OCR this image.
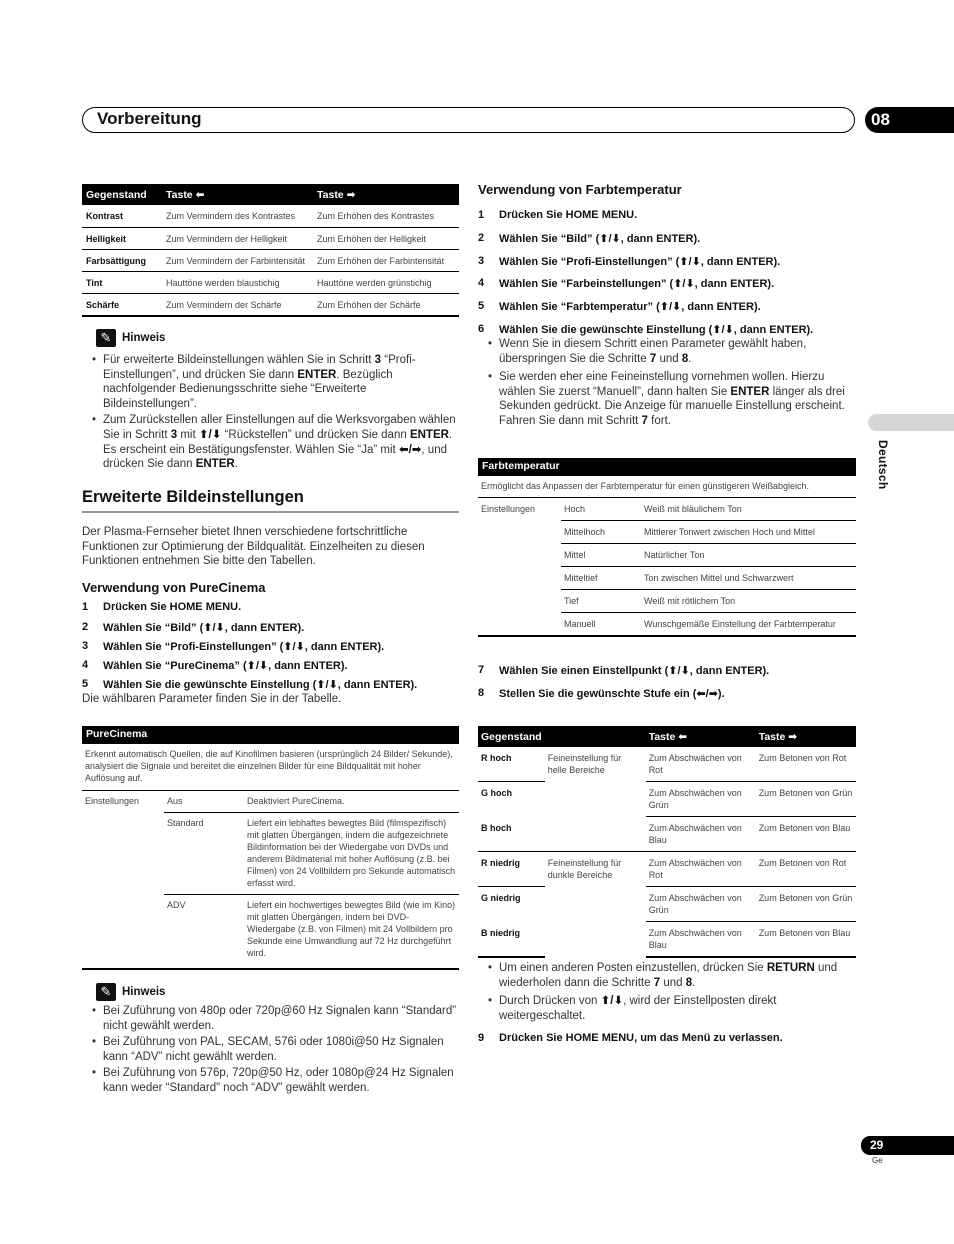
Vorbereitung	08
Deutsch
Gegenstand	Taste ⬅	Taste ➡
Kontrast	Zum Vermindern des Kontrastes	Zum Erhöhen des Kontrastes
Helligkeit	Zum Vermindern der Helligkeit	Zum Erhöhen der Helligkeit
Farbsättigung	Zum Vermindern der Farbintensität	Zum Erhöhen der Farbintensität
Tint	Hauttöne werden blaustichig	Hauttöne werden grünstichig
Schärfe	Zum Vermindern der Schärfe	Zum Erhöhen der Schärfe
✎ Hinweis
• Für erweiterte Bildeinstellungen wählen Sie in Schritt 3 “Profi-Einstellungen”, und drücken Sie dann ENTER. Bezüglich nachfolgender Bedienungsschritte siehe “Erweiterte Bildeinstellungen”.
• Zum Zurückstellen aller Einstellungen auf die Werksvorgaben wählen Sie in Schritt 3 mit ⬆/⬇ “Rückstellen” und drücken Sie dann ENTER. Es erscheint ein Bestätigungsfenster. Wählen Sie “Ja” mit ⬅/➡, und drücken Sie dann ENTER.
Erweiterte Bildeinstellungen
Der Plasma-Fernseher bietet Ihnen verschiedene fortschrittliche Funktionen zur Optimierung der Bildqualität. Einzelheiten zu diesen Funktionen entnehmen Sie bitte den Tabellen.
Verwendung von PureCinema
1	Drücken Sie HOME MENU.
2	Wählen Sie “Bild” (⬆/⬇, dann ENTER).
3	Wählen Sie “Profi-Einstellungen” (⬆/⬇, dann ENTER).
4	Wählen Sie “PureCinema” (⬆/⬇, dann ENTER).
5	Wählen Sie die gewünschte Einstellung (⬆/⬇, dann ENTER).
Die wählbaren Parameter finden Sie in der Tabelle.
PureCinema
Erkennt automatisch Quellen, die auf Kinofilmen basieren (ursprünglich 24 Bilder/ Sekunde), analysiert die Signale und bereitet die einzelnen Bilder für eine Bildqualität mit hoher Auflösung auf.
Einstellungen	Aus	Deaktiviert PureCinema.
	Standard	Liefert ein lebhaftes bewegtes Bild (filmspezifisch) mit glatten Übergängen, indem die aufgezeichnete Bildinformation bei der Wiedergabe von DVDs und anderem Bildmaterial mit hoher Auflösung (z.B. bei Filmen) von 24 Vollbildern pro Sekunde automatisch erfasst wird.
	ADV	Liefert ein hochwertiges bewegtes Bild (wie im Kino) mit glatten Übergängen, indem bei DVD-Wiedergabe (z.B. von Filmen) mit 24 Vollbildern pro Sekunde eine Umwandlung auf 72 Hz durchgeführt wird.
✎ Hinweis
• Bei Zuführung von 480p oder 720p@60 Hz Signalen kann “Standard” nicht gewählt werden.
• Bei Zuführung von PAL, SECAM, 576i oder 1080i@50 Hz Signalen kann “ADV” nicht gewählt werden.
• Bei Zuführung von 576p, 720p@50 Hz, oder 1080p@24 Hz Signalen kann weder “Standard” noch “ADV” gewählt werden.
Verwendung von Farbtemperatur
1	Drücken Sie HOME MENU.
2	Wählen Sie “Bild” (⬆/⬇, dann ENTER).
3	Wählen Sie “Profi-Einstellungen” (⬆/⬇, dann ENTER).
4	Wählen Sie “Farbeinstellungen” (⬆/⬇, dann ENTER).
5	Wählen Sie “Farbtemperatur” (⬆/⬇, dann ENTER).
6	Wählen Sie die gewünschte Einstellung (⬆/⬇, dann ENTER).
• Wenn Sie in diesem Schritt einen Parameter gewählt haben, überspringen Sie die Schritte 7 und 8.
• Sie werden eher eine Feineinstellung vornehmen wollen. Hierzu wählen Sie zuerst “Manuell”, dann halten Sie ENTER länger als drei Sekunden gedrückt. Die Anzeige für manuelle Einstellung erscheint. Fahren Sie dann mit Schritt 7 fort.
Farbtemperatur
Ermöglicht das Anpassen der Farbtemperatur für einen günstigeren Weißabgleich.
Einstellungen	Hoch	Weiß mit bläulichem Ton
	Mittelhoch	Mittlerer Tonwert zwischen Hoch und Mittel
	Mittel	Natürlicher Ton
	Mitteltief	Ton zwischen Mittel und Schwarzwert
	Tief	Weiß mit rötlichem Ton
	Manuell	Wunschgemäße Einstellung der Farbtemperatur
7	Wählen Sie einen Einstellpunkt (⬆/⬇, dann ENTER).
8	Stellen Sie die gewünschte Stufe ein (⬅/➡).
Gegenstand		Taste ⬅	Taste ➡
R hoch	Feineinstellung für helle Bereiche	Zum Abschwächen von Rot	Zum Betonen von Rot
G hoch		Zum Abschwächen von Grün	Zum Betonen von Grün
B hoch		Zum Abschwächen von Blau	Zum Betonen von Blau
R niedrig	Feineinstellung für dunkle Bereiche	Zum Abschwächen von Rot	Zum Betonen von Rot
G niedrig		Zum Abschwächen von Grün	Zum Betonen von Grün
B niedrig		Zum Abschwächen von Blau	Zum Betonen von Blau
• Um einen anderen Posten einzustellen, drücken Sie RETURN und wiederholen dann die Schritte 7 und 8.
• Durch Drücken von ⬆/⬇, wird der Einstellposten direkt weitergeschaltet.
9	Drücken Sie HOME MENU, um das Menü zu verlassen.
29
Ge
